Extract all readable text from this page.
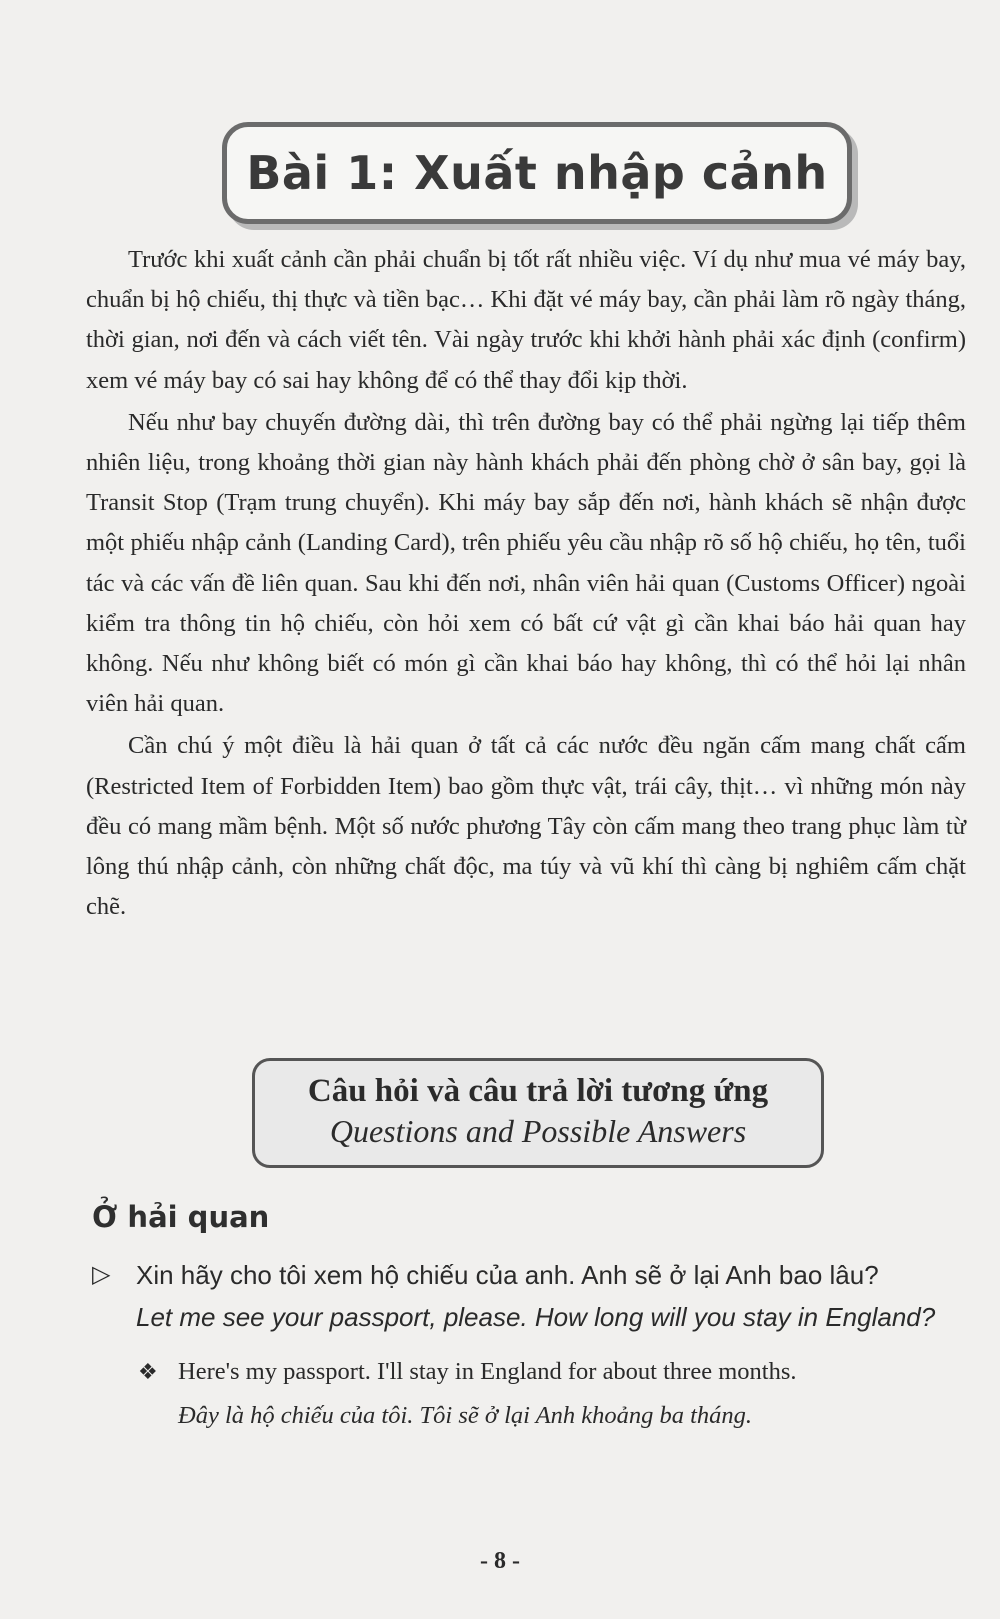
Bài 1: Xuất nhập cảnh

Trước khi xuất cảnh cần phải chuẩn bị tốt rất nhiều việc. Ví dụ như mua vé máy bay, chuẩn bị hộ chiếu, thị thực và tiền bạc… Khi đặt vé máy bay, cần phải làm rõ ngày tháng, thời gian, nơi đến và cách viết tên. Vài ngày trước khi khởi hành phải xác định (confirm) xem vé máy bay có sai hay không để có thể thay đổi kịp thời.

Nếu như bay chuyến đường dài, thì trên đường bay có thể phải ngừng lại tiếp thêm nhiên liệu, trong khoảng thời gian này hành khách phải đến phòng chờ ở sân bay, gọi là Transit Stop (Trạm trung chuyển). Khi máy bay sắp đến nơi, hành khách sẽ nhận được một phiếu nhập cảnh (Landing Card), trên phiếu yêu cầu nhập rõ số hộ chiếu, họ tên, tuổi tác và các vấn đề liên quan. Sau khi đến nơi, nhân viên hải quan (Customs Officer) ngoài kiểm tra thông tin hộ chiếu, còn hỏi xem có bất cứ vật gì cần khai báo hải quan hay không. Nếu như không biết có món gì cần khai báo hay không, thì có thể hỏi lại nhân viên hải quan.

Cần chú ý một điều là hải quan ở tất cả các nước đều ngăn cấm mang chất cấm (Restricted Item of Forbidden Item) bao gồm thực vật, trái cây, thịt… vì những món này đều có mang mầm bệnh. Một số nước phương Tây còn cấm mang theo trang phục làm từ lông thú nhập cảnh, còn những chất độc, ma túy và vũ khí thì càng bị nghiêm cấm chặt chẽ.

Câu hỏi và câu trả lời tương ứng
Questions and Possible Answers
Ở hải quan
▷ Xin hãy cho tôi xem hộ chiếu của anh. Anh sẽ ở lại Anh bao lâu?
Let me see your passport, please. How long will you stay in England?
❖ Here's my passport. I'll stay in England for about three months.
Đây là hộ chiếu của tôi. Tôi sẽ ở lại Anh khoảng ba tháng.
- 8 -
